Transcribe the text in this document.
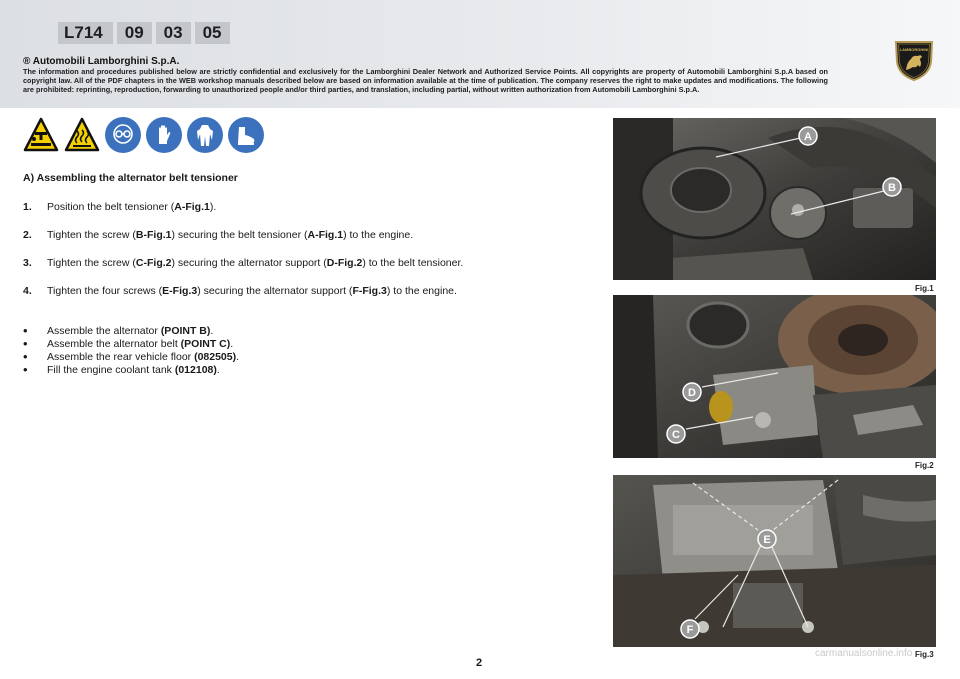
L714	09	03	05
LAMBORGHINI
® Automobili Lamborghini S.p.A.
The information and procedures published below are strictly confidential and exclusively for the Lamborghini Dealer Network and Authorized Service Points. All copyrights are property of Automobili Lamborghini S.p.A based on copyright law. All of the PDF chapters in the WEB workshop manuals described below are based on information available at the time of publication. The company reserves the right to make updates and modifications. The following are prohibited: reprinting, reproduction, forwarding to unauthorized people and/or third parties, and translation, including partial, without written authorization from Automobili Lamborghini S.p.A.
A) Assembling the alternator belt tensioner
1.	Position the belt tensioner (A-Fig.1).
2.	Tighten the screw (B-Fig.1) securing the belt tensioner (A-Fig.1) to the engine.
3.	Tighten the screw (C-Fig.2) securing the alternator support (D-Fig.2) to the belt tensioner.
4.	Tighten the four screws (E-Fig.3) securing the alternator support (F-Fig.3) to the engine.
•	Assemble the alternator (POINT B).
•	Assemble the alternator belt (POINT C).
•	Assemble the rear vehicle floor (082505).
•	Fill the engine coolant tank (012108).
A
B
Fig.1
D
C
Fig.2
E
F
Fig.3
2
carmanualsonline.info
